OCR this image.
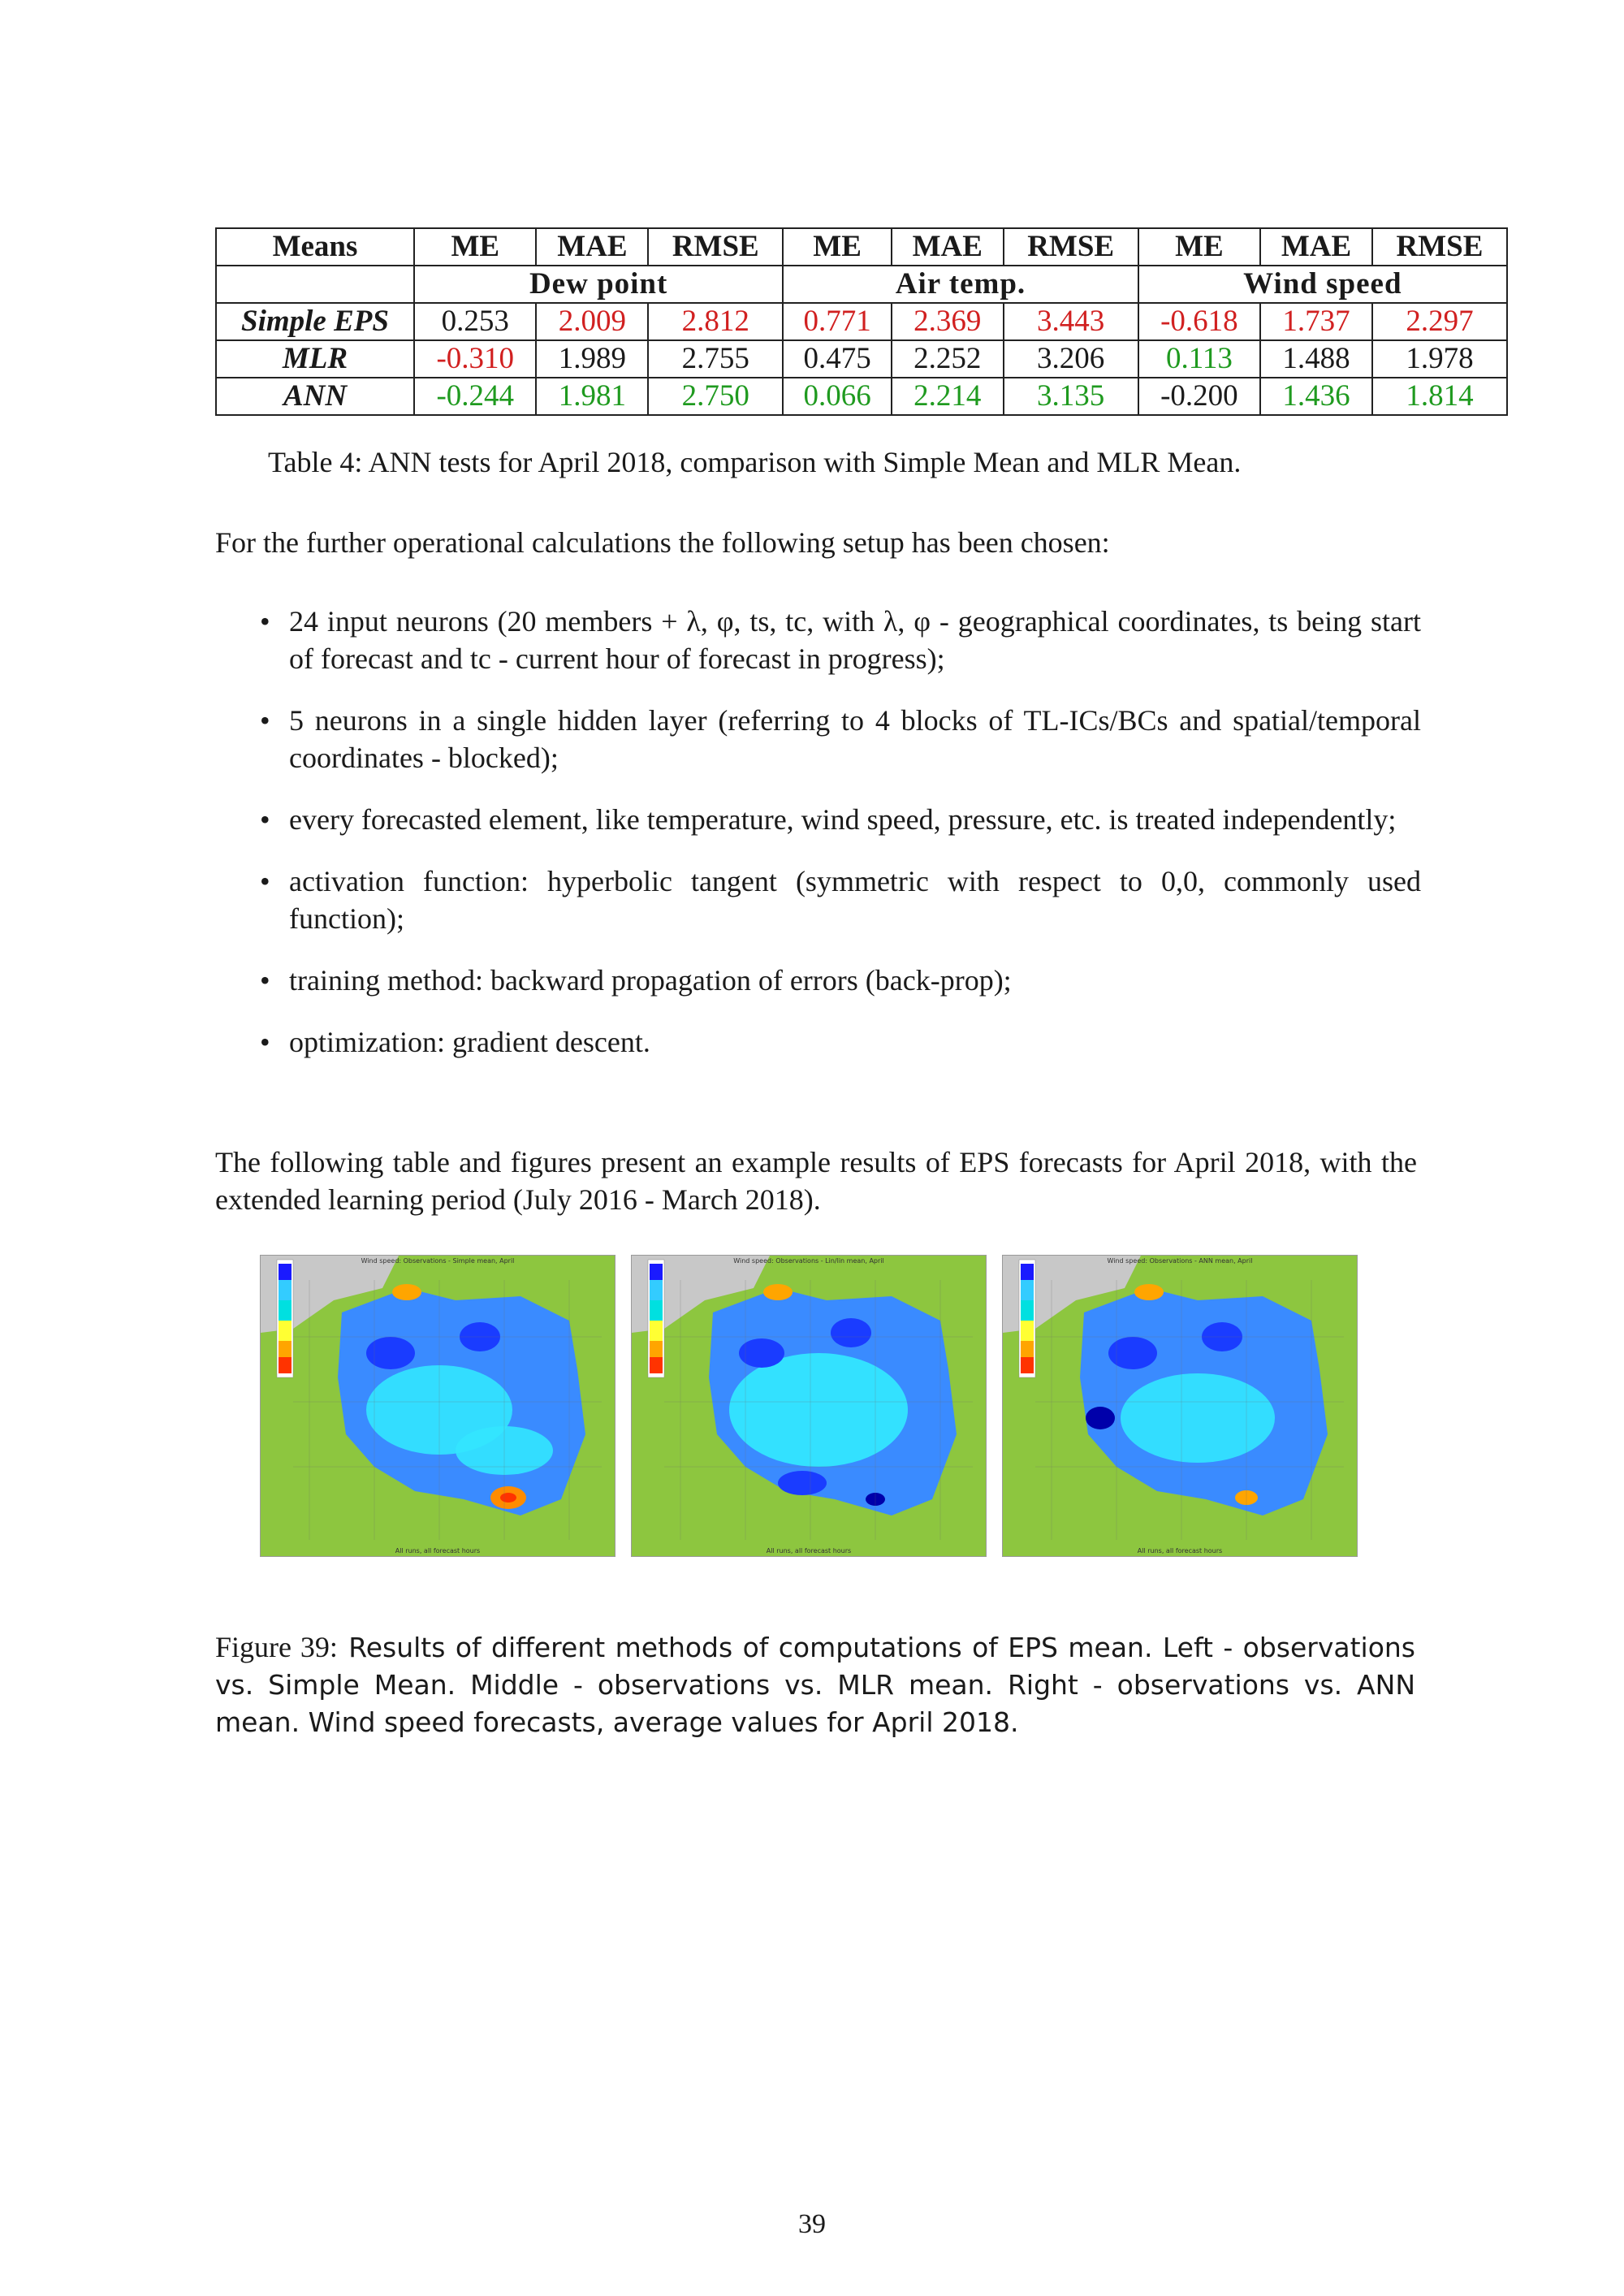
Means	ME	MAE	RMSE	ME	MAE	RMSE	ME	MAE	RMSE
	Dew point			Air temp.			Wind speed		
Simple EPS	0.253	2.009	2.812	0.771	2.369	3.443	-0.618	1.737	2.297
MLR	-0.310	1.989	2.755	0.475	2.252	3.206	0.113	1.488	1.978
ANN	-0.244	1.981	2.750	0.066	2.214	3.135	-0.200	1.436	1.814
Table 4: ANN tests for April 2018, comparison with Simple Mean and MLR Mean.
For the further operational calculations the following setup has been chosen:
• 24 input neurons (20 members + λ, φ, ts, tc, with λ, φ - geographical coordinates, ts being start of forecast and tc - current hour of forecast in progress);
• 5 neurons in a single hidden layer (referring to 4 blocks of TL-ICs/BCs and spatial/temporal coordinates - blocked);
• every forecasted element, like temperature, wind speed, pressure, etc. is treated independently;
• activation function: hyperbolic tangent (symmetric with respect to 0,0, commonly used function);
• training method: backward propagation of errors (back-prop);
• optimization: gradient descent.
The following table and figures present an example results of EPS forecasts for April 2018, with the extended learning period (July 2016 - March 2018).
Wind speed: Observations - Simple mean, April
All runs, all forecast hours
Wind speed: Observations - Lin/lin mean, April
All runs, all forecast hours
Wind speed: Observations - ANN mean, April
All runs, all forecast hours
Figure 39: Results of different methods of computations of EPS mean. Left - observations vs. Simple Mean. Middle - observations vs. MLR mean. Right - observations vs. ANN mean. Wind speed forecasts, average values for April 2018.
39
